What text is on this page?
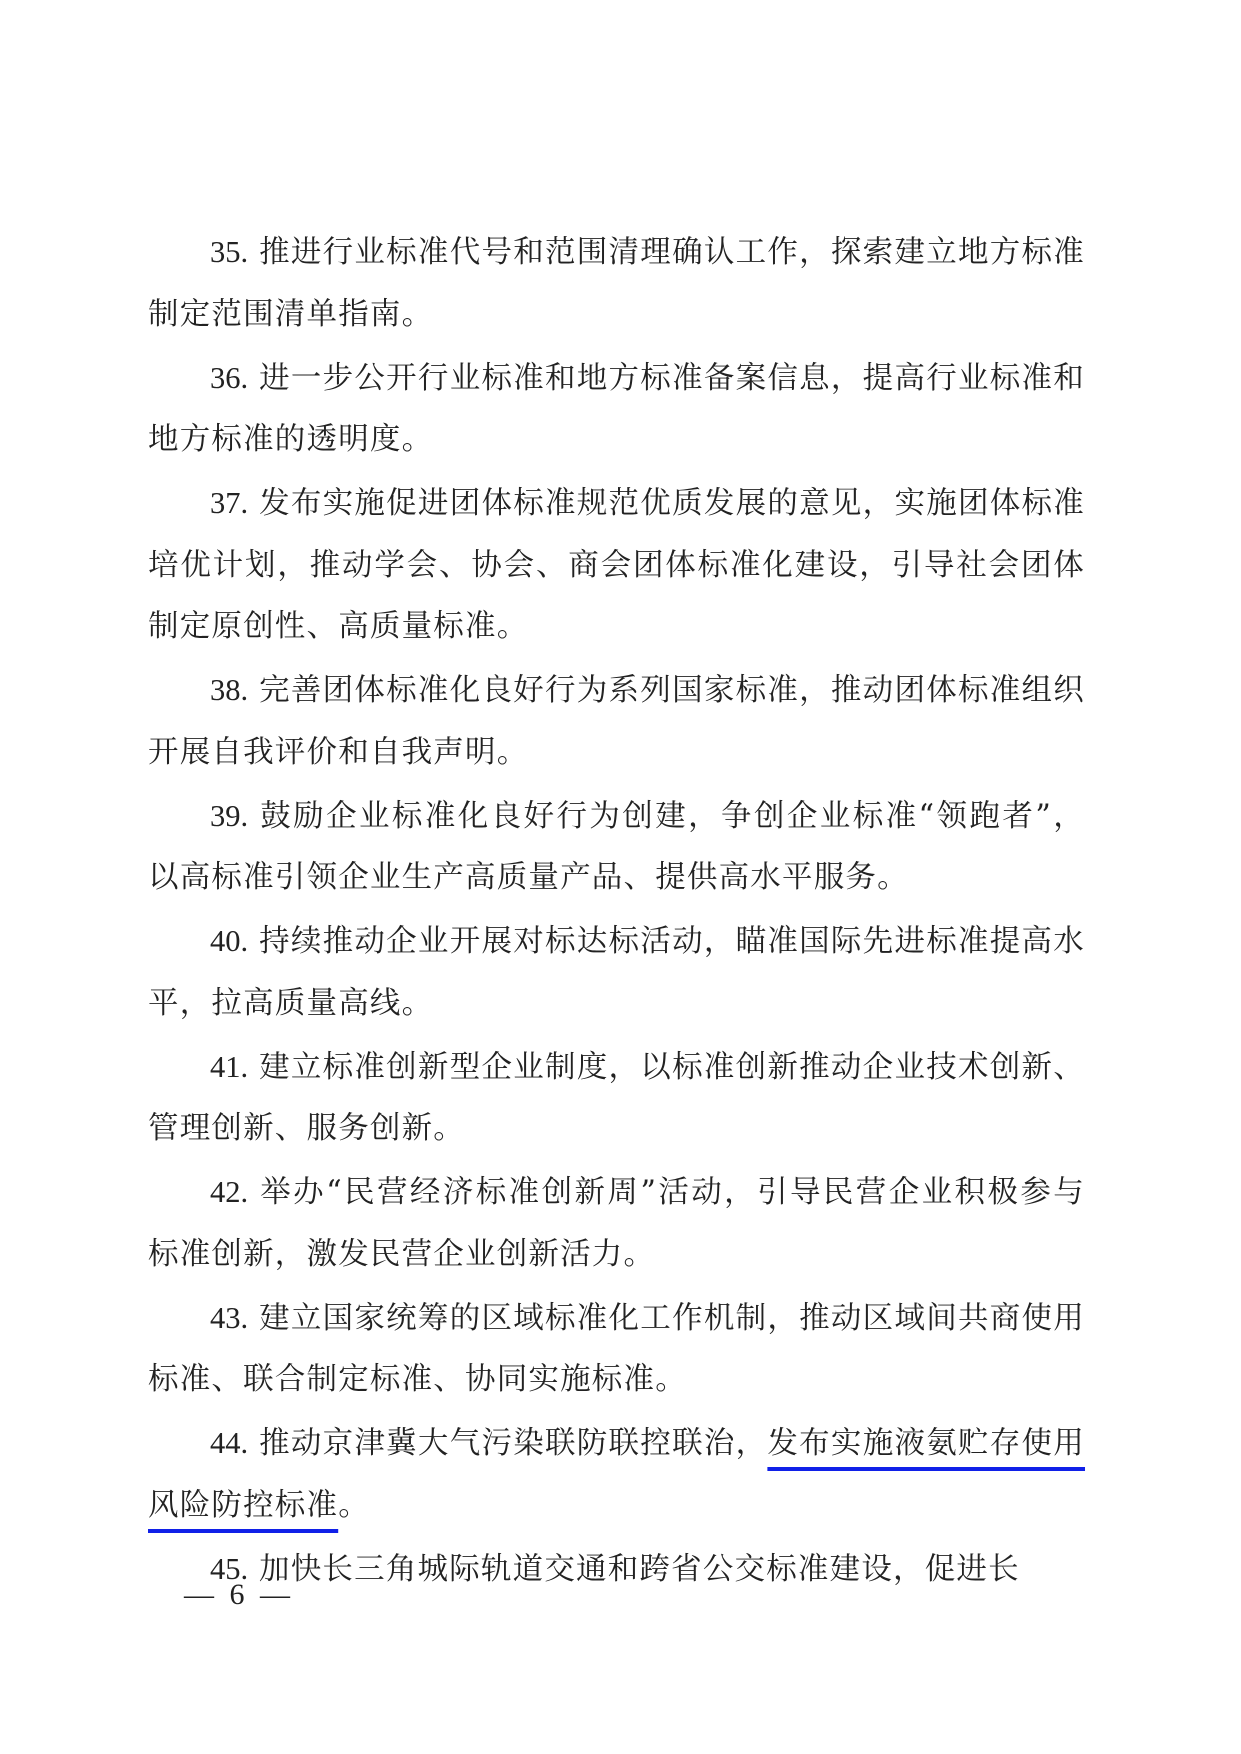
35. 推进行业标准代号和范围清理确认工作，探索建立地方标准制定范围清单指南。

36. 进一步公开行业标准和地方标准备案信息，提高行业标准和地方标准的透明度。

37. 发布实施促进团体标准规范优质发展的意见，实施团体标准培优计划，推动学会、协会、商会团体标准化建设，引导社会团体制定原创性、高质量标准。

38. 完善团体标准化良好行为系列国家标准，推动团体标准组织开展自我评价和自我声明。

39. 鼓励企业标准化良好行为创建，争创企业标准“领跑者”，以高标准引领企业生产高质量产品、提供高水平服务。

40. 持续推动企业开展对标达标活动，瞄准国际先进标准提高水平，拉高质量高线。

41. 建立标准创新型企业制度，以标准创新推动企业技术创新、管理创新、服务创新。

42. 举办“民营经济标准创新周”活动，引导民营企业积极参与标准创新，激发民营企业创新活力。

43. 建立国家统筹的区域标准化工作机制，推动区域间共商使用标准、联合制定标准、协同实施标准。

44. 推动京津冀大气污染联防联控联治，发布实施液氨贮存使用风险防控标准。

45. 加快长三角城际轨道交通和跨省公交标准建设，促进长

— 6 —
